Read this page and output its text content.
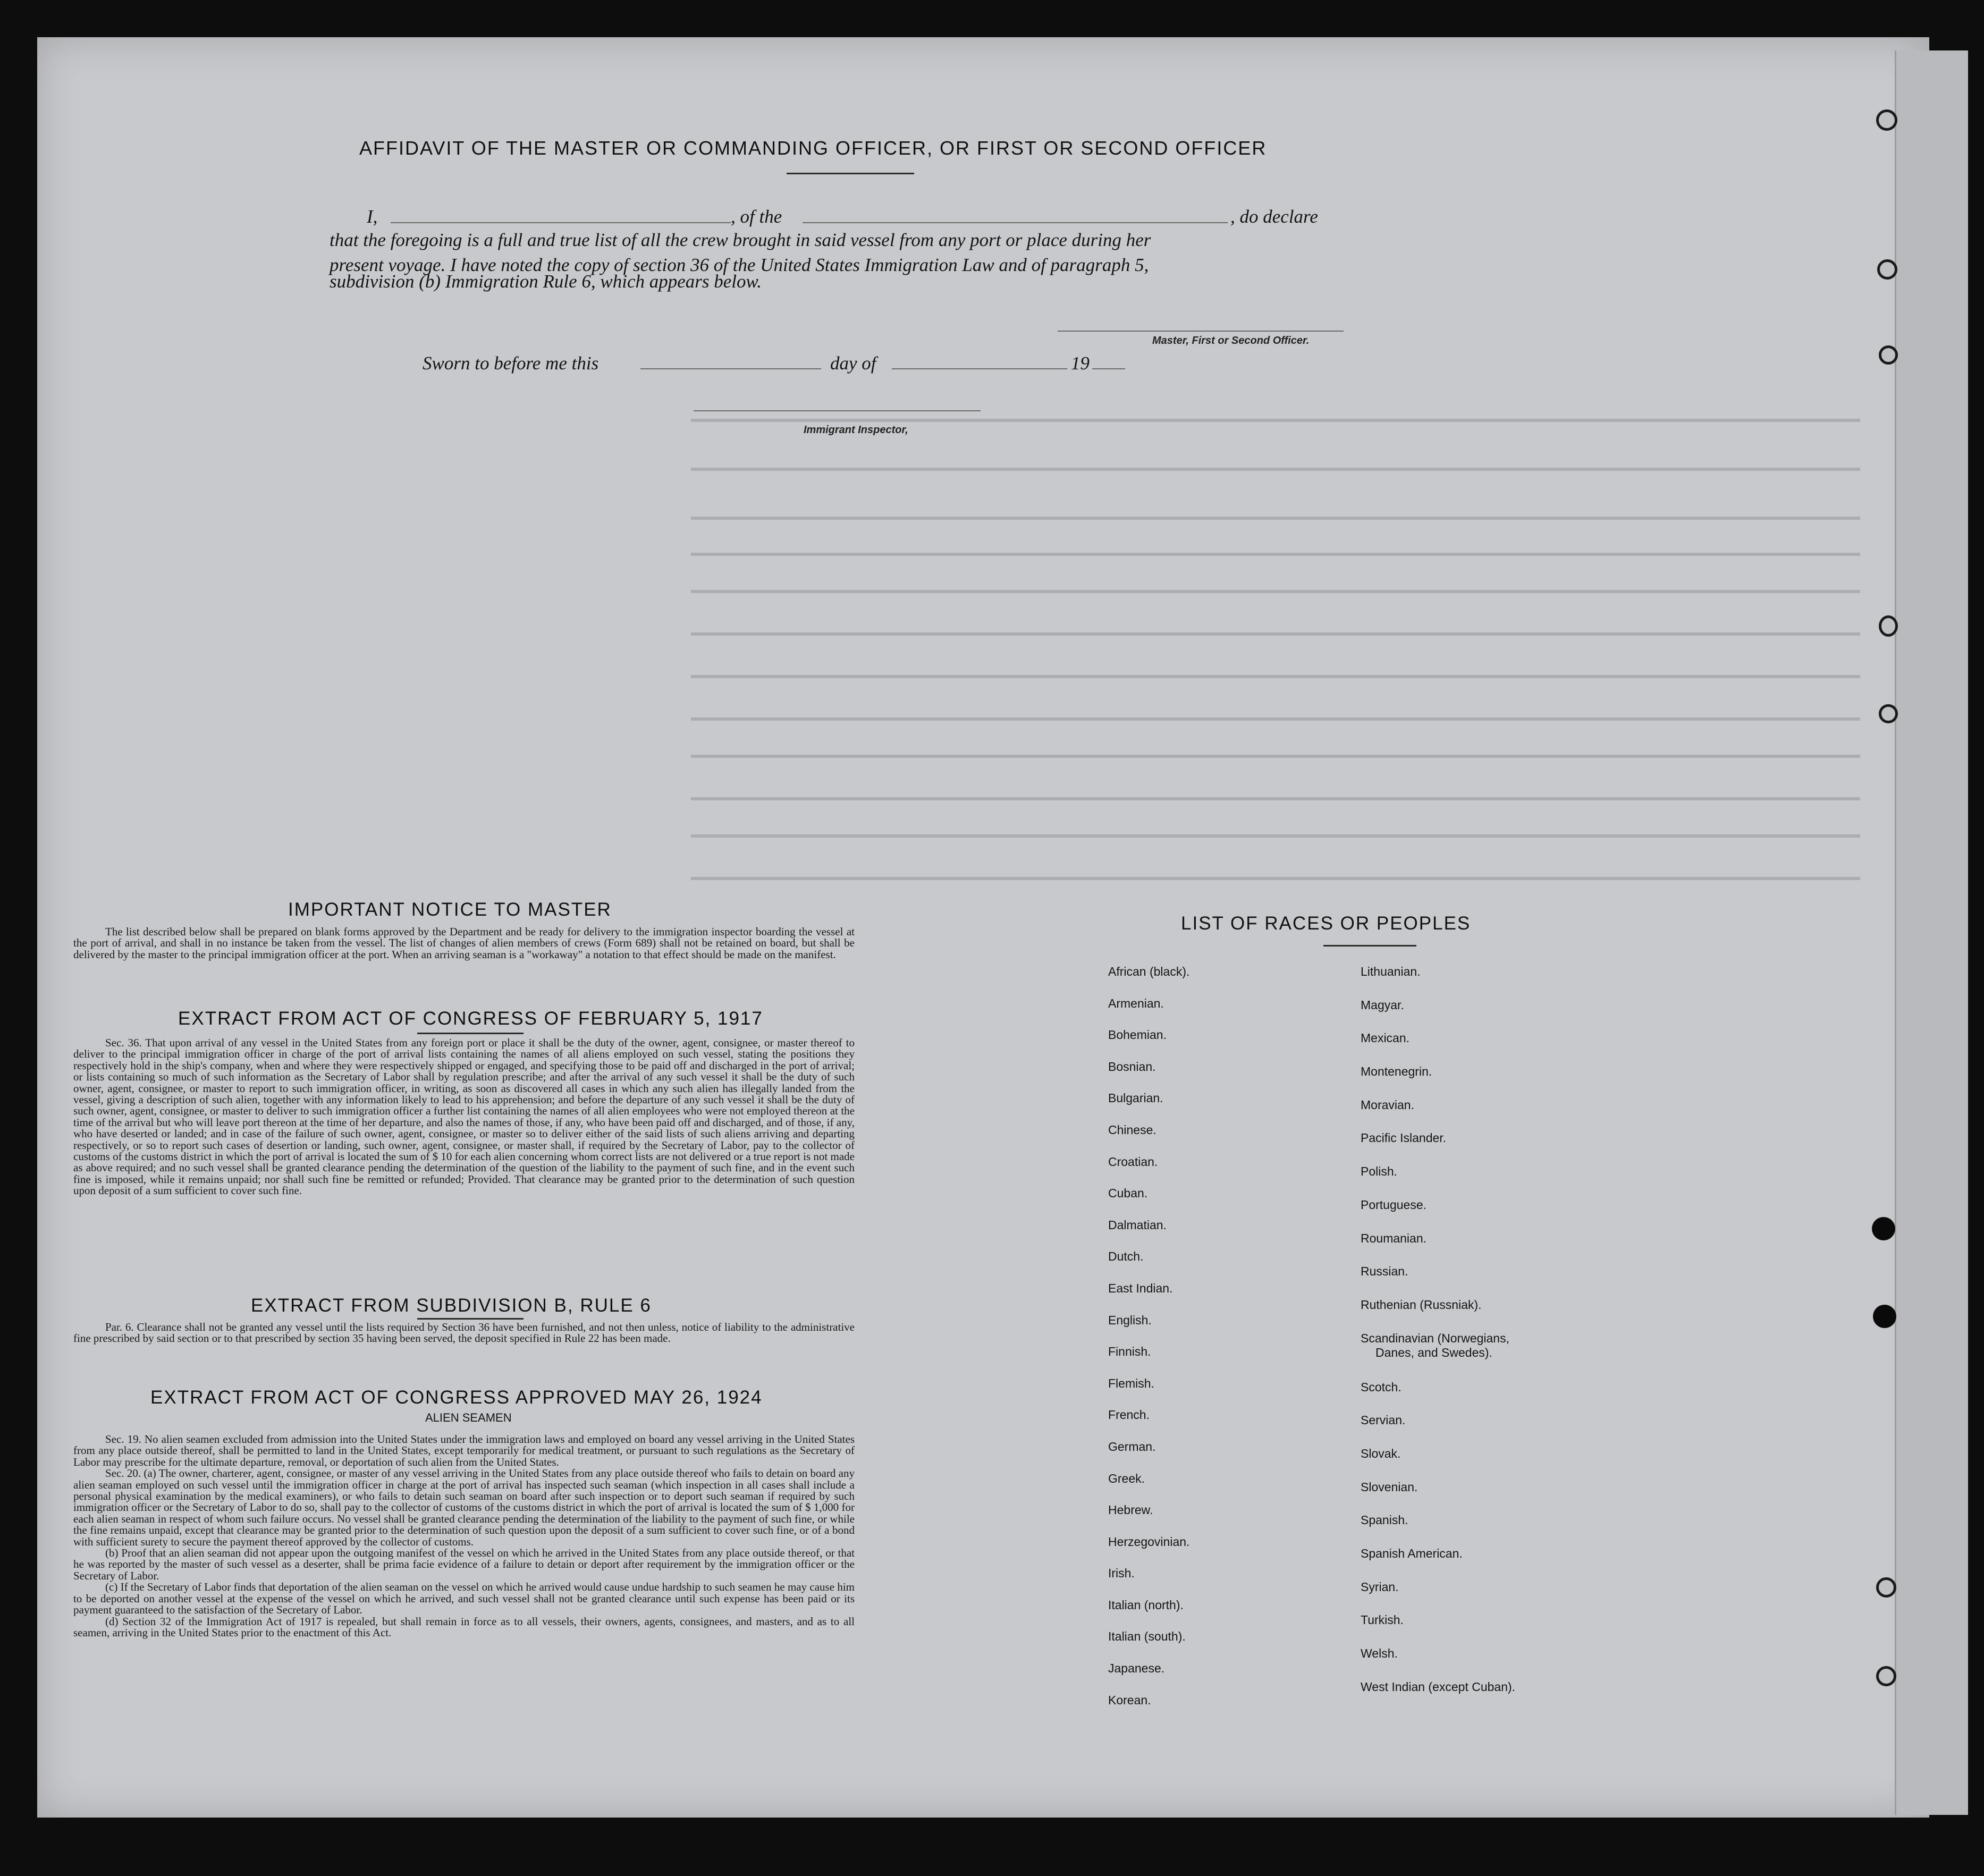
AFFIDAVIT OF THE MASTER OR COMMANDING OFFICER, OR FIRST OR SECOND OFFICER
I,	, of the	, do declare
that the foregoing is a full and true list of all the crew brought in said vessel from any port or place during her
present voyage. I have noted the copy of section 36 of the United States Immigration Law and of paragraph 5,
subdivision (b) Immigration Rule 6, which appears below.
Master, First or Second Officer.
Sworn to before me this	day of	19
Immigrant Inspector,
IMPORTANT NOTICE TO MASTER

The list described below shall be prepared on blank forms approved by the Department and be ready for delivery to the immigration inspector boarding the vessel at the port of arrival, and shall in no instance be taken from the vessel. The list of changes of alien members of crews (Form 689) shall not be retained on board, but shall be delivered by the master to the principal immigration officer at the port. When an arriving seaman is a "workaway" a notation to that effect should be made on the manifest.

EXTRACT FROM ACT OF CONGRESS OF FEBRUARY 5, 1917

Sec. 36. That upon arrival of any vessel in the United States from any foreign port or place it shall be the duty of the owner, agent, consignee, or master thereof to deliver to the principal immigration officer in charge of the port of arrival lists containing the names of all aliens employed on such vessel, stating the positions they respectively hold in the ship's company, when and where they were respectively shipped or engaged, and specifying those to be paid off and discharged in the port of arrival; or lists containing so much of such information as the Secretary of Labor shall by regulation prescribe; and after the arrival of any such vessel it shall be the duty of such owner, agent, consignee, or master to report to such immigration officer, in writing, as soon as discovered all cases in which any such alien has illegally landed from the vessel, giving a description of such alien, together with any information likely to lead to his apprehension; and before the departure of any such vessel it shall be the duty of such owner, agent, consignee, or master to deliver to such immigration officer a further list containing the names of all alien employees who were not employed thereon at the time of the arrival but who will leave port thereon at the time of her departure, and also the names of those, if any, who have been paid off and discharged, and of those, if any, who have deserted or landed; and in case of the failure of such owner, agent, consignee, or master so to deliver either of the said lists of such aliens arriving and departing respectively, or so to report such cases of desertion or landing, such owner, agent, consignee, or master shall, if required by the Secretary of Labor, pay to the collector of customs of the customs district in which the port of arrival is located the sum of $ 10 for each alien concerning whom correct lists are not delivered or a true report is not made as above required; and no such vessel shall be granted clearance pending the determination of the question of the liability to the payment of such fine, and in the event such fine is imposed, while it remains unpaid; nor shall such fine be remitted or refunded; Provided. That clearance may be granted prior to the determination of such question upon deposit of a sum sufficient to cover such fine.

EXTRACT FROM SUBDIVISION B, RULE 6

Par. 6. Clearance shall not be granted any vessel until the lists required by Section 36 have been furnished, and not then unless, notice of liability to the administrative fine prescribed by said section or to that prescribed by section 35 having been served, the deposit specified in Rule 22 has been made.

EXTRACT FROM ACT OF CONGRESS APPROVED MAY 26, 1924
ALIEN SEAMEN

Sec. 19. No alien seamen excluded from admission into the United States under the immigration laws and employed on board any vessel arriving in the United States from any place outside thereof, shall be permitted to land in the United States, except temporarily for medical treatment, or pursuant to such regulations as the Secretary of Labor may prescribe for the ultimate departure, removal, or deportation of such alien from the United States.

Sec. 20. (a) The owner, charterer, agent, consignee, or master of any vessel arriving in the United States from any place outside thereof who fails to detain on board any alien seaman employed on such vessel until the immigration officer in charge at the port of arrival has inspected such seaman (which inspection in all cases shall include a personal physical examination by the medical examiners), or who fails to detain such seaman on board after such inspection or to deport such seaman if required by such immigration officer or the Secretary of Labor to do so, shall pay to the collector of customs of the customs district in which the port of arrival is located the sum of $ 1,000 for each alien seaman in respect of whom such failure occurs. No vessel shall be granted clearance pending the determination of the liability to the payment of such fine, or while the fine remains unpaid, except that clearance may be granted prior to the determination of such question upon the deposit of a sum sufficient to cover such fine, or of a bond with sufficient surety to secure the payment thereof approved by the collector of customs.

(b) Proof that an alien seaman did not appear upon the outgoing manifest of the vessel on which he arrived in the United States from any place outside thereof, or that he was reported by the master of such vessel as a deserter, shall be prima facie evidence of a failure to detain or deport after requirement by the immigration officer or the Secretary of Labor.

(c) If the Secretary of Labor finds that deportation of the alien seaman on the vessel on which he arrived would cause undue hardship to such seamen he may cause him to be deported on another vessel at the expense of the vessel on which he arrived, and such vessel shall not be granted clearance until such expense has been paid or its payment guaranteed to the satisfaction of the Secretary of Labor.

(d) Section 32 of the Immigration Act of 1917 is repealed, but shall remain in force as to all vessels, their owners, agents, consignees, and masters, and as to all seamen, arriving in the United States prior to the enactment of this Act.

LIST OF RACES OR PEOPLES
African (black).
Armenian.
Bohemian.
Bosnian.
Bulgarian.
Chinese.
Croatian.
Cuban.
Dalmatian.
Dutch.
East Indian.
English.
Finnish.
Flemish.
French.
German.
Greek.
Hebrew.
Herzegovinian.
Irish.
Italian (north).
Italian (south).
Japanese.
Korean.
Lithuanian.
Magyar.
Mexican.
Montenegrin.
Moravian.
Pacific Islander.
Polish.
Portuguese.
Roumanian.
Russian.
Ruthenian (Russniak).
Scandinavian (Norwegians,
Danes, and Swedes).
Scotch.
Servian.
Slovak.
Slovenian.
Spanish.
Spanish American.
Syrian.
Turkish.
Welsh.
West Indian (except Cuban).
